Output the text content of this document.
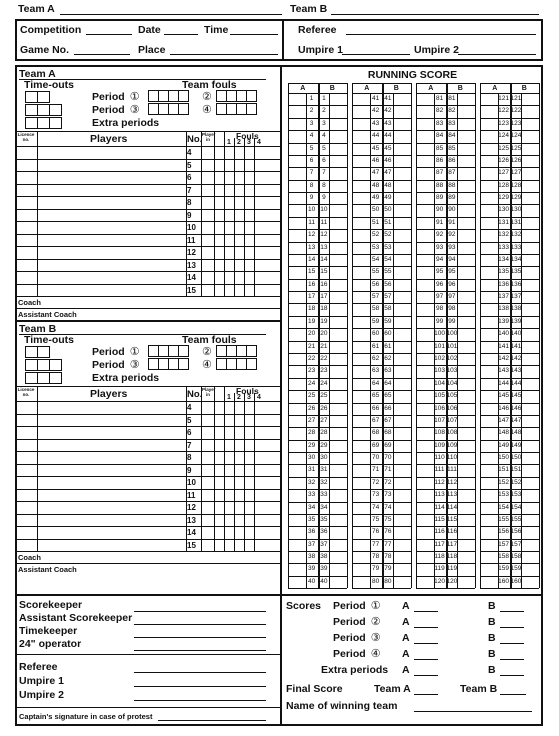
Team A	Team B
Competition	Date	Time	Referee
Game No.	Place	Umpire 1	Umpire 2
Team A
Time-outs	Team fouls
Period ①	②
Period ③	④
Extra periods
Licence
no.	Players	No. Player
in	Fouls
1 2 3 4
4
5
6
7
8
9
10
11
12
13
14
15
Coach
Assistant Coach
Team B
Time-outs	Team fouls
Period ①	②
Period ③	④
Extra periods
Licence
no.	Players	No. Player
in	Fouls
1 2 3 4
4
5
6
7
8
9
10
11
12
13
14
15
Coach
Assistant Coach
Scorekeeper
Assistant Scorekeeper
Timekeeper
24" operator
Referee
Umpire 1
Umpire 2
Captain's signature in case of protest
RUNNING SCORE
A	B
1	1
2	2
3	3
4	4
5	5
6	6
7	7
8	8
9	9
10 10
11 11
12 12
13 13
14 14
15 15
16 16
17 17
18 18
19 19
20 20
21 21
22 22
23 23
24 24
25 25
26 26
27 27
28 28
29 29
30 30
31 31
32 32
33 33
34 34
35 35
36 36
37 37
38 38
39 39
40 40
A	B
41 41
42 42
43 43
44 44
45 45
46 46
47 47
48 48
49 49
50 50
51 51
52 52
53 53
54 54
55 55
56 56
57 57
58 58
59 59
60 60
61 61
62 62
63 63
64 64
65 65
66 66
67 67
68 68
69 69
70 70
71 71
72 72
73 73
74 74
75 75
76 76
77 77
78 78
79 79
80 80
A	B
81 81
82 82
83 83
84 84
85 85
86 86
87 87
88 88
89 89
90 90
91 91
92 92
93 93
94 94
95 95
96 96
97 97
98 98
99 99
100 100
101 101
102 102
103 103
104 104
105 105
106 106
107 107
108 108
109 109
110 110
111 111
112 112
113 113
114 114
115 115
116 116
117 117
118 118
119 119
120 120
A	B
121 121
122 122
123 123
124 124
125 125
126 126
127 127
128 128
129 129
130 130
131 131
132 132
133 133
134 134
135 135
136 136
137 137
138 138
139 139
140 140
141 141
142 142
143 143
144 144
145 145
146 146
147 147
148 148
149 149
150 150
151 151
152 152
153 153
154 154
155 155
156 156
157 157
158 158
159 159
160 160
Scores Period ① A	B
Period ② A	B
Period ③ A	B
Period ④ A	B
Extra periods A	B
Final Score	Team A	Team B
Name of winning team
